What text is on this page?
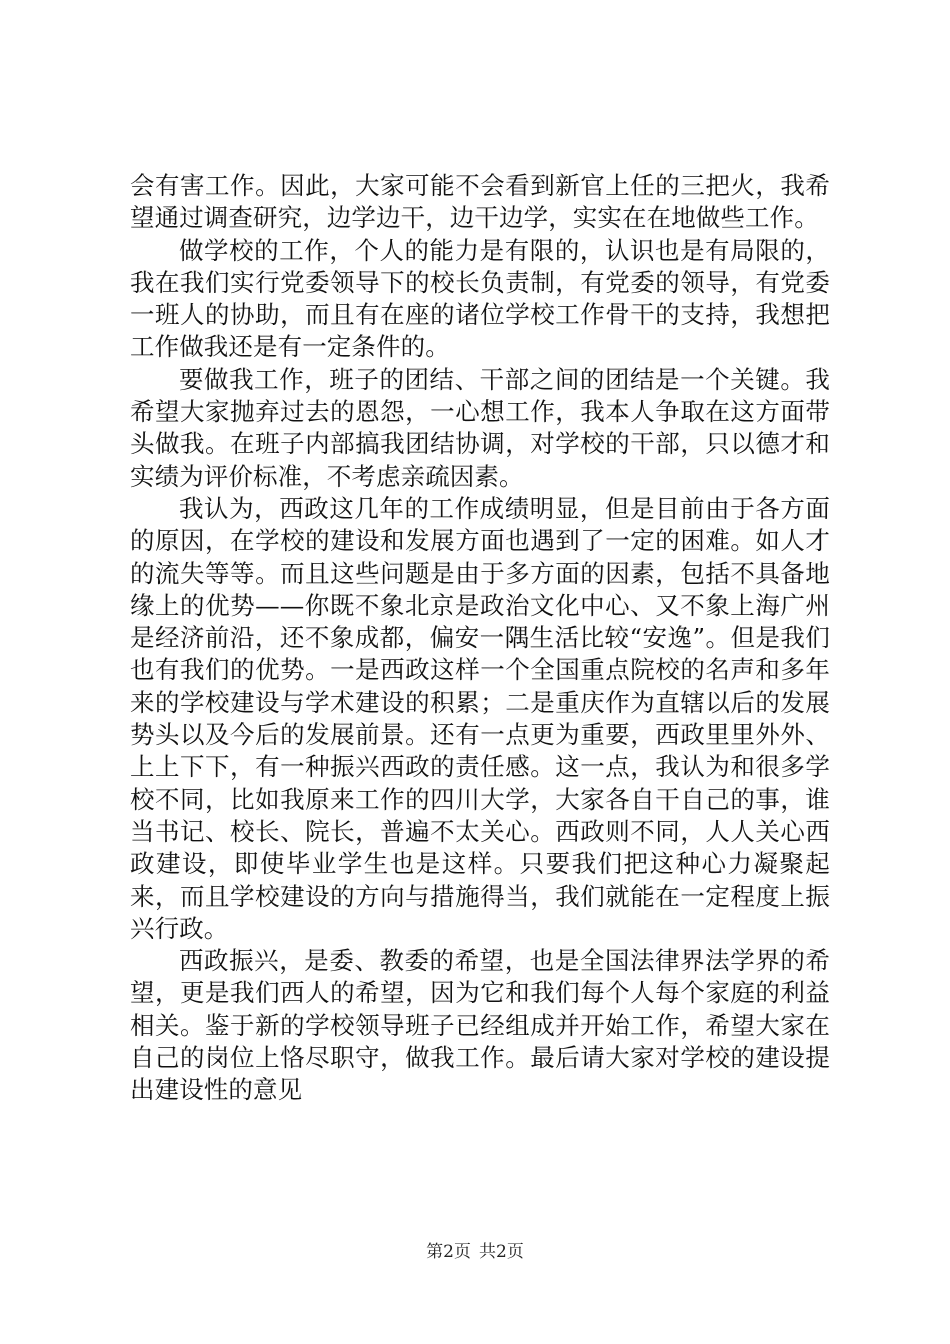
会有害工作。因此，大家可能不会看到新官上任的三把火，我希望通过调查研究，边学边干，边干边学，实实在在地做些工作。

做学校的工作，个人的能力是有限的，认识也是有局限的，我在我们实行党委领导下的校长负责制，有党委的领导，有党委一班人的协助，而且有在座的诸位学校工作骨干的支持，我想把工作做我还是有一定条件的。

要做我工作，班子的团结、干部之间的团结是一个关键。我希望大家抛弃过去的恩怨，一心想工作，我本人争取在这方面带头做我。在班子内部搞我团结协调，对学校的干部，只以德才和实绩为评价标准，不考虑亲疏因素。

我认为，西政这几年的工作成绩明显，但是目前由于各方面的原因，在学校的建设和发展方面也遇到了一定的困难。如人才的流失等等。而且这些问题是由于多方面的因素，包括不具备地缘上的优势——你既不象北京是政治文化中心、又不象上海广州是经济前沿，还不象成都，偏安一隅生活比较“安逸”。但是我们也有我们的优势。一是西政这样一个全国重点院校的名声和多年来的学校建设与学术建设的积累；二是重庆作为直辖以后的发展势头以及今后的发展前景。还有一点更为重要，西政里里外外、上上下下，有一种振兴西政的责任感。这一点，我认为和很多学校不同，比如我原来工作的四川大学，大家各自干自己的事，谁当书记、校长、院长，普遍不太关心。西政则不同，人人关心西政建设，即使毕业学生也是这样。只要我们把这种心力凝聚起来，而且学校建设的方向与措施得当，我们就能在一定程度上振兴行政。

西政振兴，是委、教委的希望，也是全国法律界法学界的希望，更是我们西人的希望，因为它和我们每个人每个家庭的利益相关。鉴于新的学校领导班子已经组成并开始工作，希望大家在自己的岗位上恪尽职守，做我工作。最后请大家对学校的建设提出建设性的意见

第2页 共2页
